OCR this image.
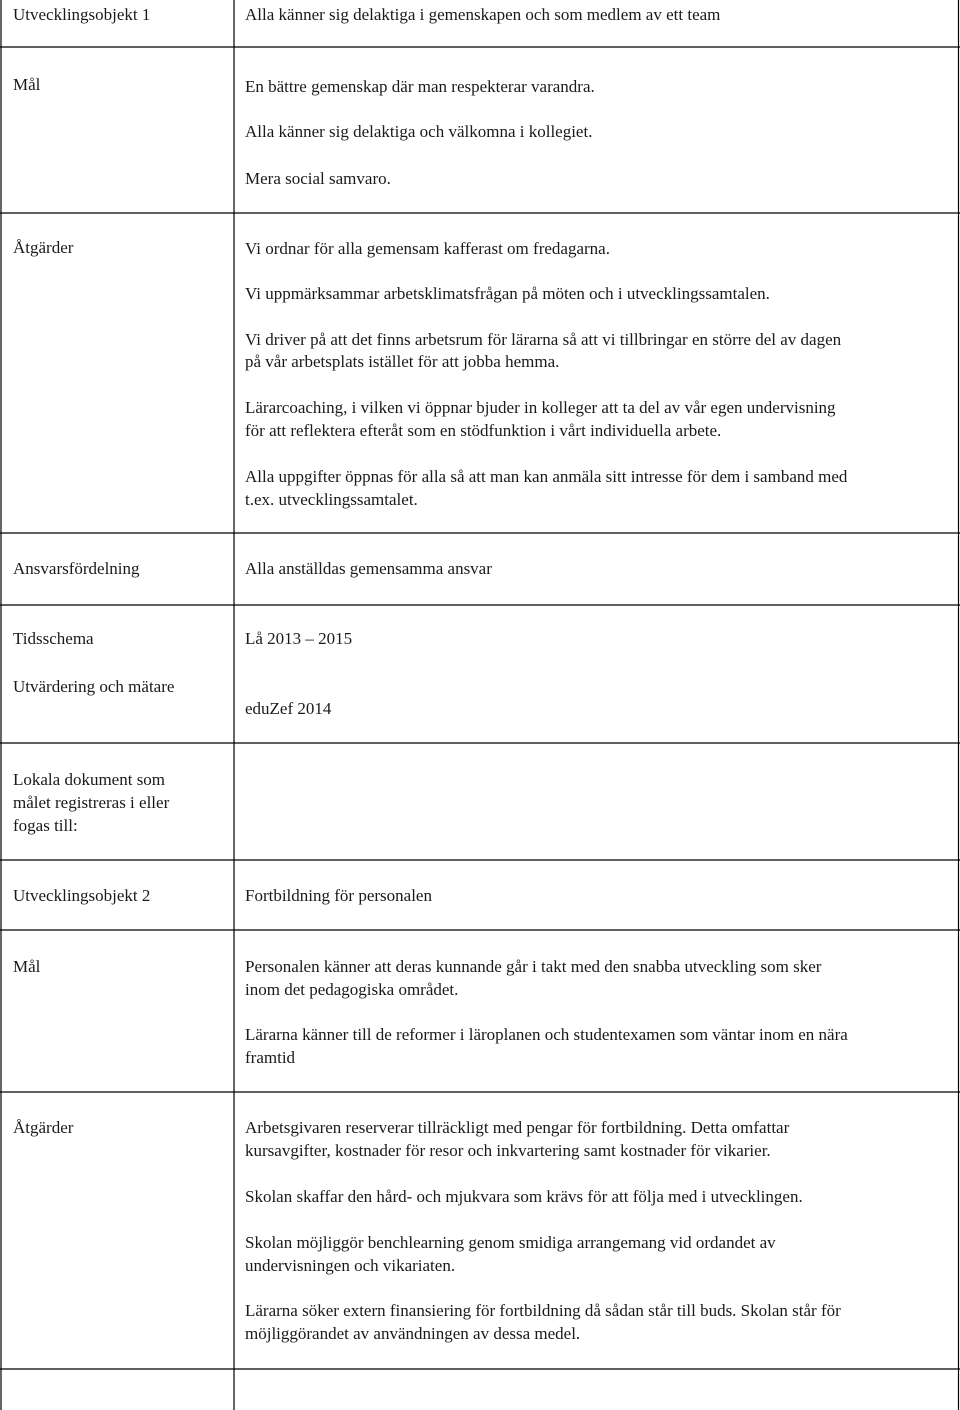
Utvecklingsobjekt 1	Alla känner sig delaktiga i gemenskapen och som medlem av ett team
Mål	En bättre gemenskap där man respekterar varandra.
Alla känner sig delaktiga och välkomna i kollegiet.
Mera social samvaro.
Åtgärder	Vi ordnar för alla gemensam kafferast om fredagarna.
Vi uppmärksammar arbetsklimatsfrågan på möten och i utvecklingssamtalen.
Vi driver på att det finns arbetsrum för lärarna så att vi tillbringar en större del av dagen
på vår arbetsplats istället för att jobba hemma.
Lärarcoaching, i vilken vi öppnar bjuder in kolleger att ta del av vår egen undervisning
för att reflektera efteråt som en stödfunktion i vårt individuella arbete.
Alla uppgifter öppnas för alla så att man kan anmäla sitt intresse för dem i samband med
t.ex. utvecklingssamtalet.
Ansvarsfördelning	Alla anställdas gemensamma ansvar
Tidsschema	Lå 2013 – 2015
Utvärdering och mätare
eduZef 2014
Lokala dokument som
målet registreras i eller
fogas till:
Utvecklingsobjekt 2	Fortbildning för personalen
Mål	Personalen känner att deras kunnande går i takt med den snabba utveckling som sker
inom det pedagogiska området.
Lärarna känner till de reformer i läroplanen och studentexamen som väntar inom en nära
framtid
Åtgärder	Arbetsgivaren reserverar tillräckligt med pengar för fortbildning. Detta omfattar
kursavgifter, kostnader för resor och inkvartering samt kostnader för vikarier.
Skolan skaffar den hård- och mjukvara som krävs för att följa med i utvecklingen.
Skolan möjliggör benchlearning genom smidiga arrangemang vid ordandet av
undervisningen och vikariaten.
Lärarna söker extern finansiering för fortbildning då sådan står till buds. Skolan står för
möjliggörandet av användningen av dessa medel.
